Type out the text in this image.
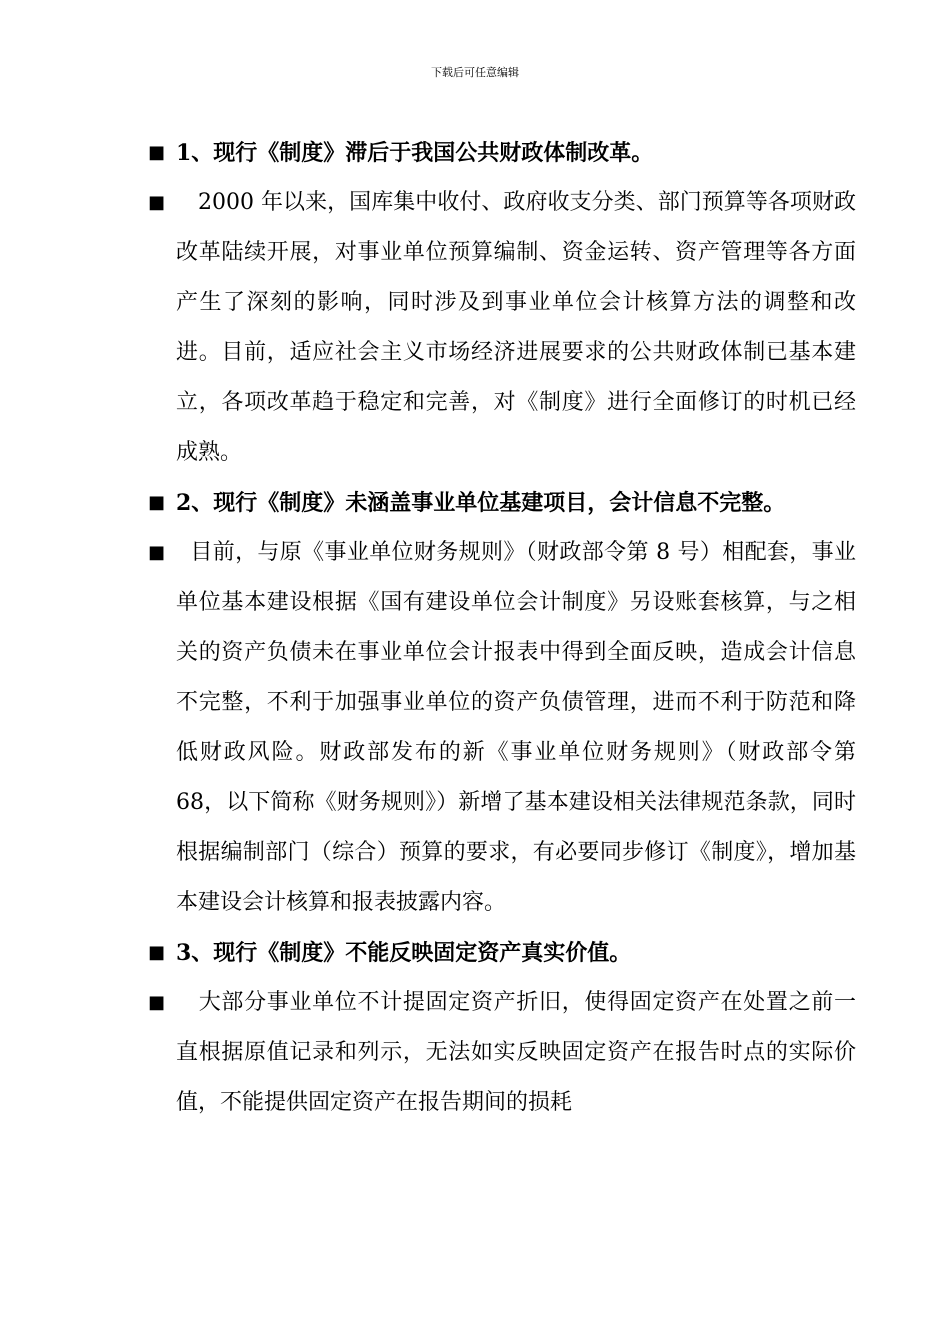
下载后可任意编辑
■ 1、现行《制度》滞后于我国公共财政体制改革。
■	2000 年以来，国库集中收付、政府收支分类、部门预算等各项财政改革陆续开展，对事业单位预算编制、资金运转、资产管理等各方面产生了深刻的影响，同时涉及到事业单位会计核算方法的调整和改进。目前，适应社会主义市场经济进展要求的公共财政体制已基本建立，各项改革趋于稳定和完善，对《制度》进行全面修订的时机已经成熟。
■ 2、现行《制度》未涵盖事业单位基建项目，会计信息不完整。
■	目前，与原《事业单位财务规则》（财政部令第 8 号）相配套，事业单位基本建设根据《国有建设单位会计制度》另设账套核算，与之相关的资产负债未在事业单位会计报表中得到全面反映，造成会计信息不完整，不利于加强事业单位的资产负债管理，进而不利于防范和降低财政风险。财政部发布的新《事业单位财务规则》（财政部令第 68，以下简称《财务规则》）新增了基本建设相关法律规范条款，同时根据编制部门（综合）预算的要求，有必要同步修订《制度》，增加基本建设会计核算和报表披露内容。
■ 3、现行《制度》不能反映固定资产真实价值。
■	大部分事业单位不计提固定资产折旧，使得固定资产在处置之前一直根据原值记录和列示，无法如实反映固定资产在报告时点的实际价值，不能提供固定资产在报告期间的损耗
